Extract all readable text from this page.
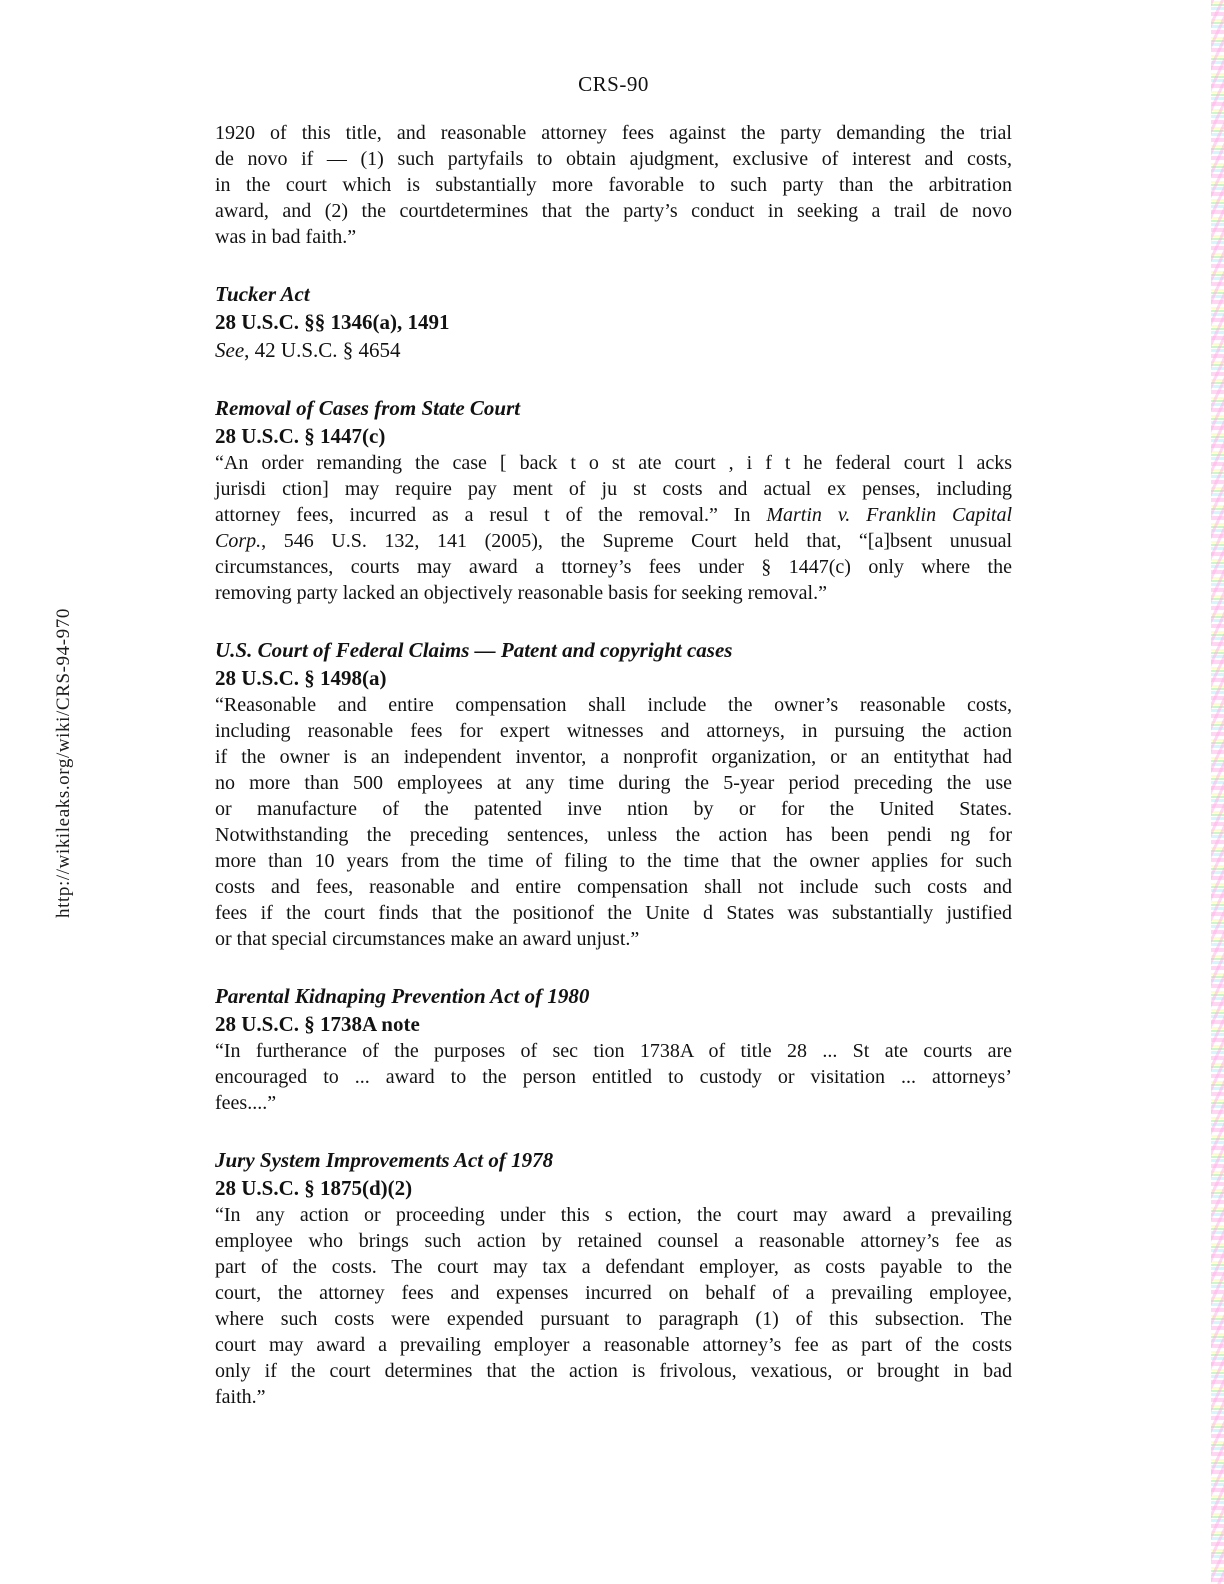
http://wikileaks.org/wiki/CRS-94-970
CRS-90
1920 of this title, and reasonable attorney fees against the party demanding the trial
de novo if — (1) such partyfails to obtain ajudgment, exclusive of interest and costs,
in the court which is substantially more favorable to such party than the arbitration
award, and (2) the courtdetermines that the party’s conduct in seeking a trail de novo
was in bad faith.”
Tucker Act
28 U.S.C. §§ 1346(a), 1491
See, 42 U.S.C. § 4654
Removal of Cases from State Court
28 U.S.C. § 1447(c)
“An order remanding the case [ back t o st ate court , i f t he federal court l acks
jurisdi ction] may require pay ment of ju st costs and actual ex penses, including
attorney fees, incurred as a resul t of the removal.” In Martin v. Franklin Capital
Corp., 546 U.S. 132, 141 (2005), the Supreme Court held that, “[a]bsent unusual
circumstances, courts may award a ttorney’s fees under § 1447(c) only where the
removing party lacked an objectively reasonable basis for seeking removal.”
U.S. Court of Federal Claims — Patent and copyright cases
28 U.S.C. § 1498(a)
“Reasonable and entire compensation shall include the owner’s reasonable costs,
including reasonable fees for expert witnesses and attorneys, in pursuing the action
if the owner is an independent inventor, a nonprofit organization, or an entitythat had
no more than 500 employees at any time during the 5-year period preceding the use
or manufacture of the patented inve ntion by or for the United States.
Notwithstanding the preceding sentences, unless the action has been pendi ng for
more than 10 years from the time of filing to the time that the owner applies for such
costs and fees, reasonable and entire compensation shall not include such costs and
fees if the court finds that the positionof the Unite d States was substantially justified
or that special circumstances make an award unjust.”
Parental Kidnaping Prevention Act of 1980
28 U.S.C. § 1738A note
“In furtherance of the purposes of sec tion 1738A of title 28 ... St ate courts are
encouraged to ... award to the person entitled to custody or visitation ... attorneys’
fees....”
Jury System Improvements Act of 1978
28 U.S.C. § 1875(d)(2)
“In any action or proceeding under this s ection, the court may award a prevailing
employee who brings such action by retained counsel a reasonable attorney’s fee as
part of the costs. The court may tax a defendant employer, as costs payable to the
court, the attorney fees and expenses incurred on behalf of a prevailing employee,
where such costs were expended pursuant to paragraph (1) of this subsection. The
court may award a prevailing employer a reasonable attorney’s fee as part of the costs
only if the court determines that the action is frivolous, vexatious, or brought in bad
faith.”
